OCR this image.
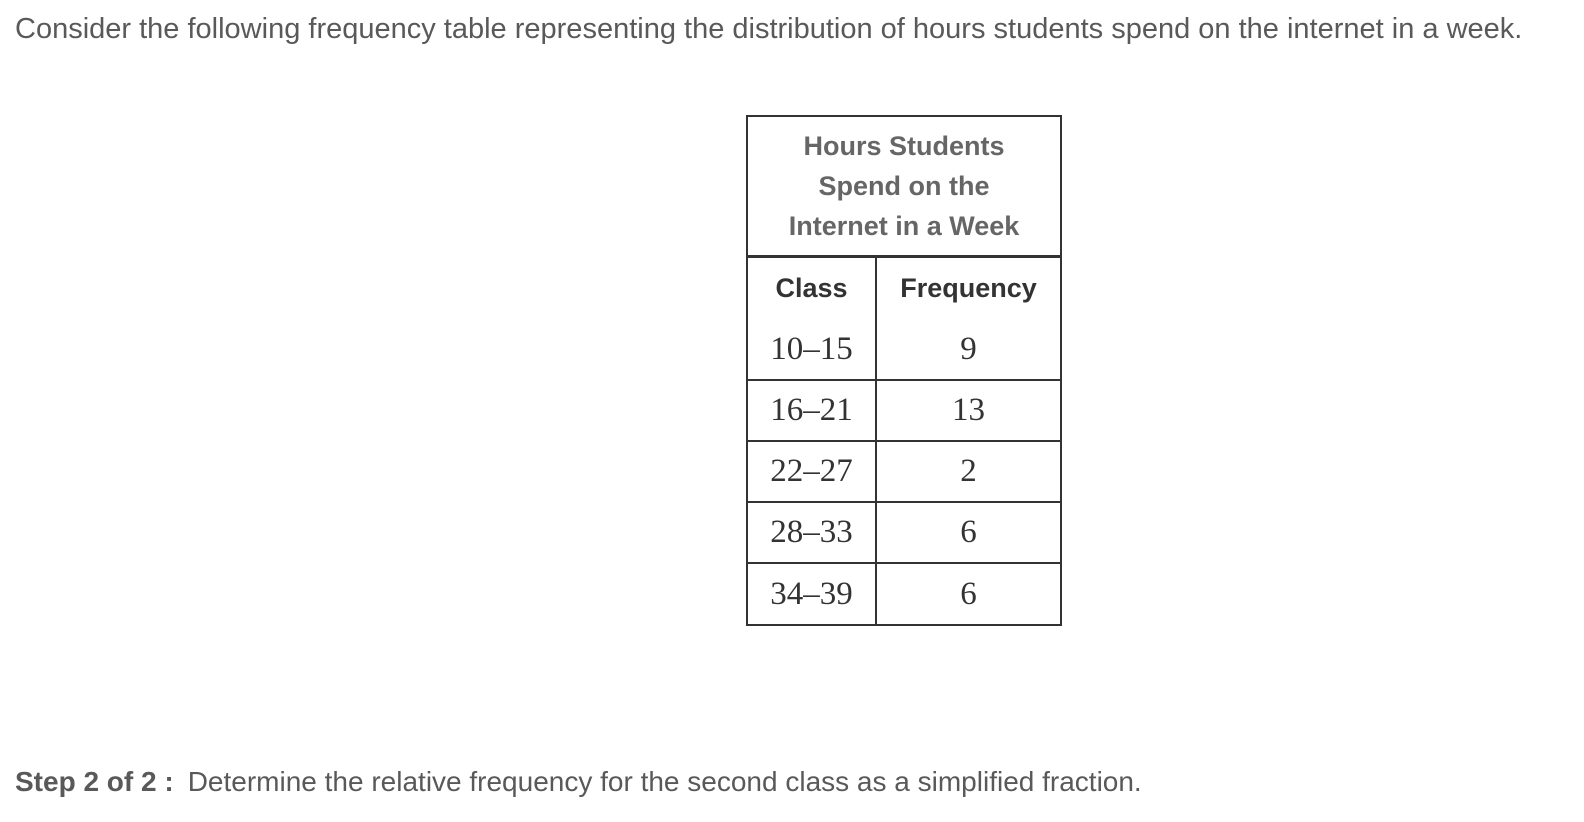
Consider the following frequency table representing the distribution of hours students spend on the internet in a week.
Hours Students
Spend on the
Internet in a Week
Class	Frequency
10–15	9
16–21	13
22–27	2
28–33	6
34–39	6
Step 2 of 2 : Determine the relative frequency for the second class as a simplified fraction.
